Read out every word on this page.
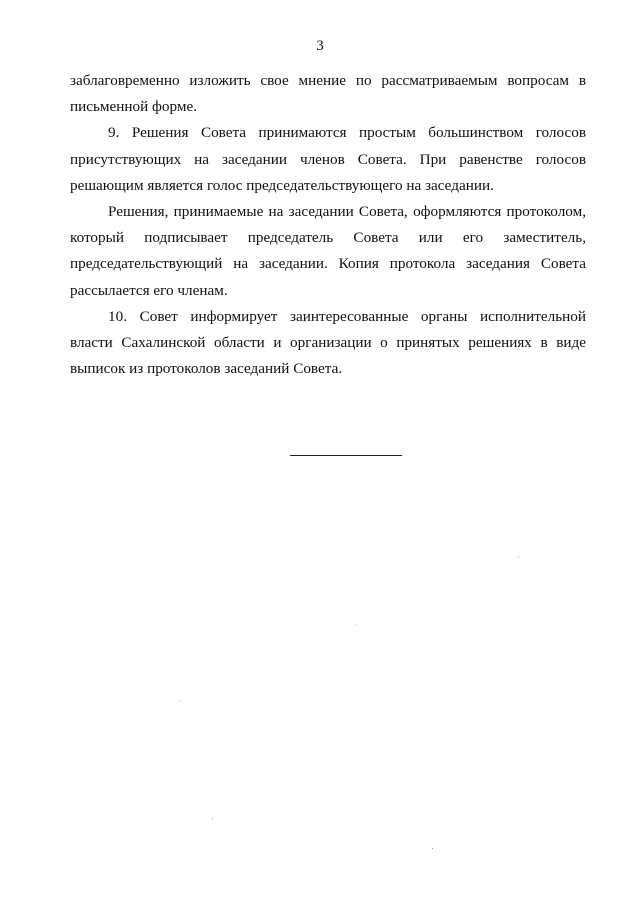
3

заблаговременно изложить свое мнение по рассматриваемым вопросам в письменной форме.

9. Решения Совета принимаются простым большинством голосов присутствующих на заседании членов Совета. При равенстве голосов решающим является голос председательствующего на заседании.

Решения, принимаемые на заседании Совета, оформляются протоколом, который подписывает председатель Совета или его заместитель, председательствующий на заседании. Копия протокола заседания Совета рассылается его членам.

10. Совет информирует заинтересованные органы исполнительной власти Сахалинской области и организации о принятых решениях в виде выписок из протоколов заседаний Совета.
